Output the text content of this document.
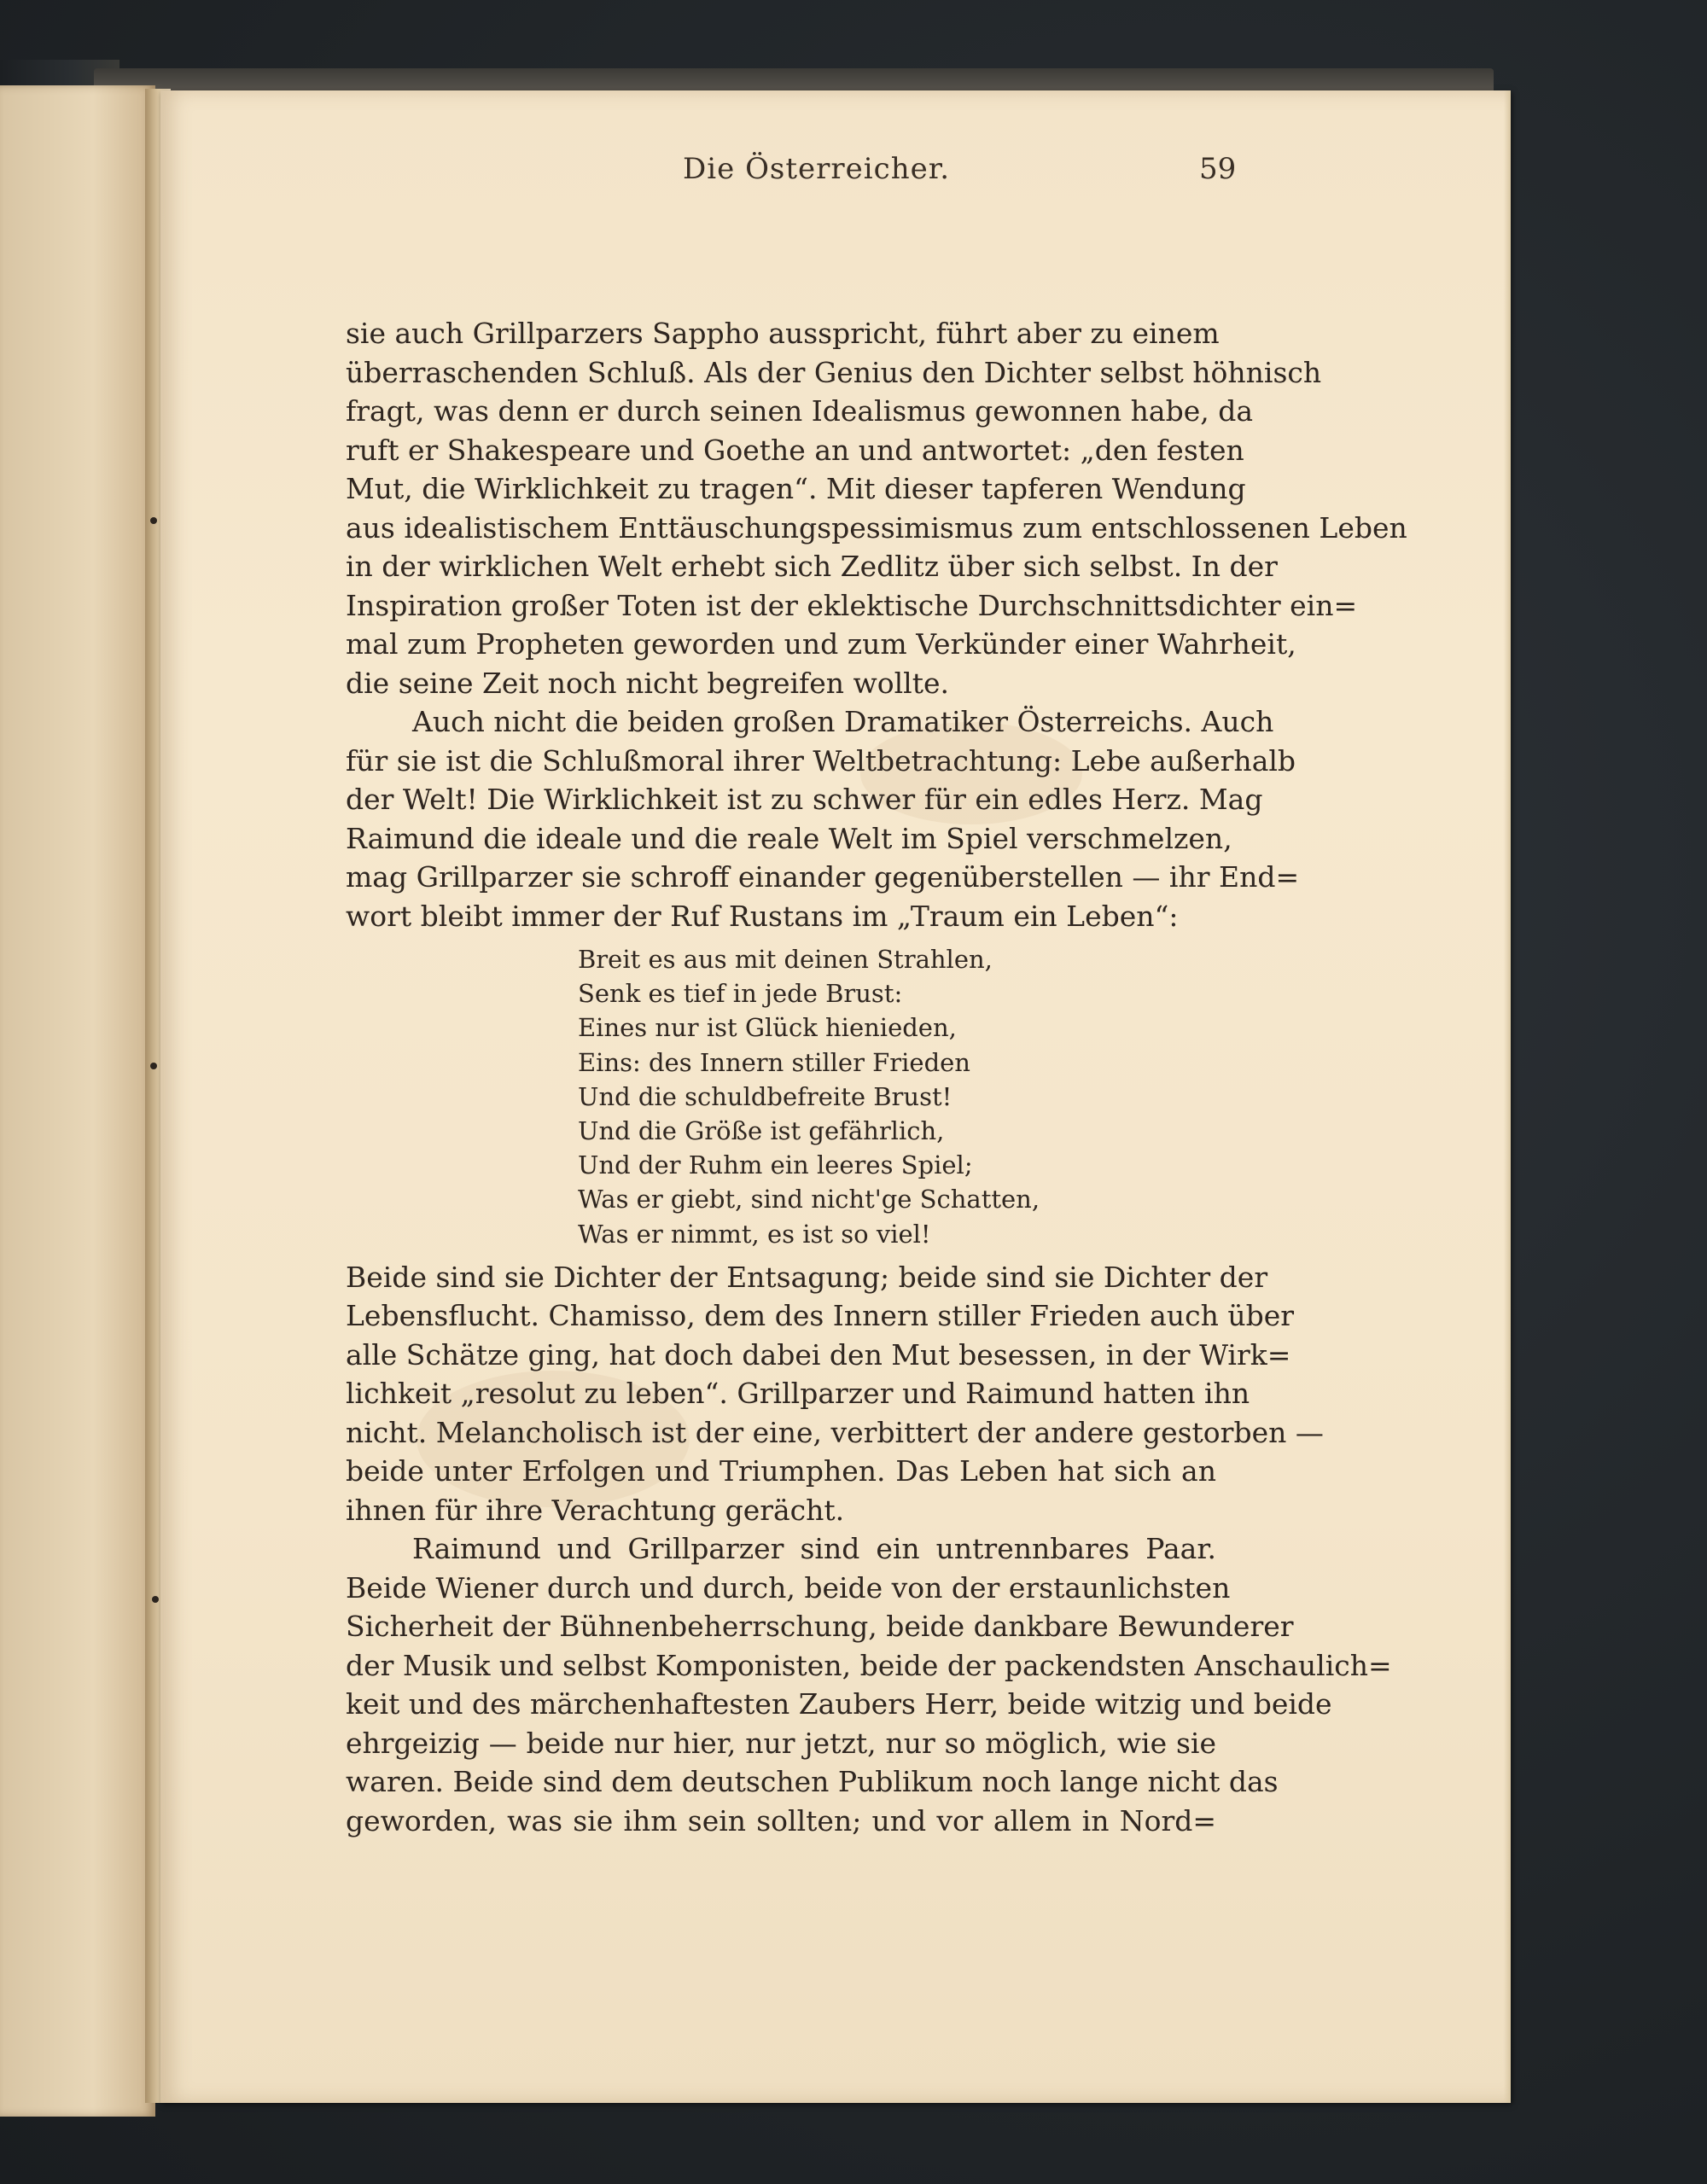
Die Österreicher.	59
sie auch Grillparzers Sappho ausspricht, führt aber zu einem
überraschenden Schluß. Als der Genius den Dichter selbst höhnisch
fragt, was denn er durch seinen Idealismus gewonnen habe, da
ruft er Shakespeare und Goethe an und antwortet: „den festen
Mut, die Wirklichkeit zu tragen“. Mit dieser tapferen Wendung
aus idealistischem Enttäuschungspessimismus zum entschlossenen Leben
in der wirklichen Welt erhebt sich Zedlitz über sich selbst. In der
Inspiration großer Toten ist der eklektische Durchschnittsdichter ein=
mal zum Propheten geworden und zum Verkünder einer Wahrheit,
die seine Zeit noch nicht begreifen wollte.
Auch nicht die beiden großen Dramatiker Österreichs. Auch
für sie ist die Schlußmoral ihrer Weltbetrachtung: Lebe außerhalb
der Welt! Die Wirklichkeit ist zu schwer für ein edles Herz. Mag
Raimund die ideale und die reale Welt im Spiel verschmelzen,
mag Grillparzer sie schroff einander gegenüberstellen — ihr End=
wort bleibt immer der Ruf Rustans im „Traum ein Leben“:
Breit es aus mit deinen Strahlen,
Senk es tief in jede Brust:
Eines nur ist Glück hienieden,
Eins: des Innern stiller Frieden
Und die schuldbefreite Brust!
Und die Größe ist gefährlich,
Und der Ruhm ein leeres Spiel;
Was er giebt, sind nicht'ge Schatten,
Was er nimmt, es ist so viel!
Beide sind sie Dichter der Entsagung; beide sind sie Dichter der
Lebensflucht. Chamisso, dem des Innern stiller Frieden auch über
alle Schätze ging, hat doch dabei den Mut besessen, in der Wirk=
lichkeit „resolut zu leben“. Grillparzer und Raimund hatten ihn
nicht. Melancholisch ist der eine, verbittert der andere gestorben —
beide unter Erfolgen und Triumphen. Das Leben hat sich an
ihnen für ihre Verachtung gerächt.
Raimund und Grillparzer sind ein untrennbares Paar.
Beide Wiener durch und durch, beide von der erstaunlichsten
Sicherheit der Bühnenbeherrschung, beide dankbare Bewunderer
der Musik und selbst Komponisten, beide der packendsten Anschaulich=
keit und des märchenhaftesten Zaubers Herr, beide witzig und beide
ehrgeizig — beide nur hier, nur jetzt, nur so möglich, wie sie
waren. Beide sind dem deutschen Publikum noch lange nicht das
geworden, was sie ihm sein sollten; und vor allem in Nord=
